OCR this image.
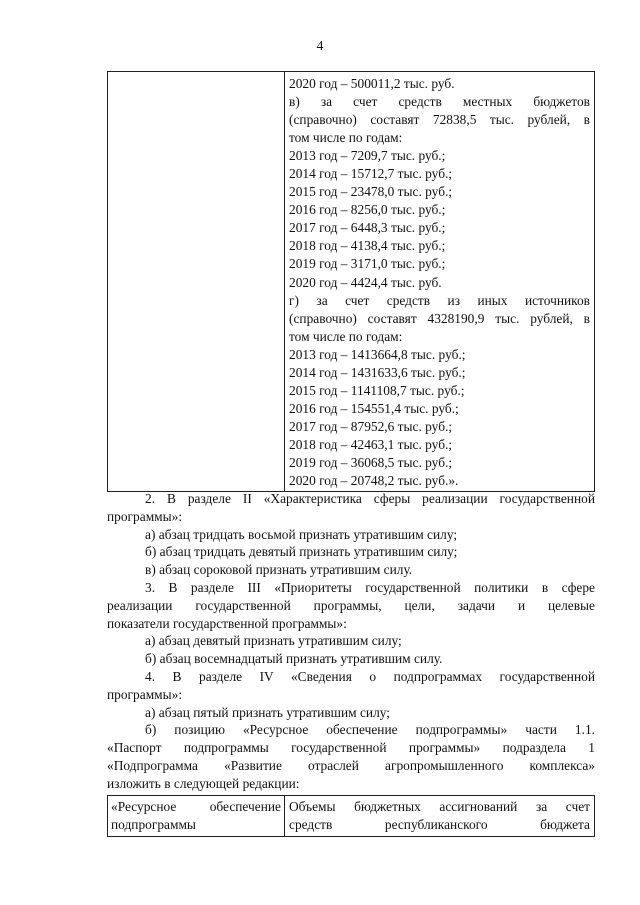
4

2020 год – 500011,2 тыс. руб.
в) за счет средств местных бюджетов
(справочно) составят 72838,5 тыс. рублей, в
том числе по годам:
2013 год – 7209,7 тыс. руб.;
2014 год – 15712,7 тыс. руб.;
2015 год – 23478,0 тыс. руб.;
2016 год – 8256,0 тыс. руб.;
2017 год – 6448,3 тыс. руб.;
2018 год – 4138,4 тыс. руб.;
2019 год – 3171,0 тыс. руб.;
2020 год – 4424,4 тыс. руб.
г) за счет средств из иных источников
(справочно) составят 4328190,9 тыс. рублей, в
том числе по годам:
2013 год – 1413664,8 тыс. руб.;
2014 год – 1431633,6 тыс. руб.;
2015 год – 1141108,7 тыс. руб.;
2016 год – 154551,4 тыс. руб.;
2017 год – 87952,6 тыс. руб.;
2018 год – 42463,1 тыс. руб.;
2019 год – 36068,5 тыс. руб.;
2020 год – 20748,2 тыс. руб.».
2. В разделе II «Характеристика сферы реализации государственной
программы»:
а) абзац тридцать восьмой признать утратившим силу;
б) абзац тридцать девятый признать утратившим силу;
в) абзац сороковой признать утратившим силу.
3. В разделе III «Приоритеты государственной политики в сфере
реализации государственной программы, цели, задачи и целевые
показатели государственной программы»:
а) абзац девятый признать утратившим силу;
б) абзац восемнадцатый признать утратившим силу.
4. В разделе IV «Сведения о подпрограммах государственной
программы»:
а) абзац пятый признать утратившим силу;
б) позицию «Ресурсное обеспечение подпрограммы» части 1.1.
«Паспорт подпрограммы государственной программы» подраздела 1
«Подпрограмма «Развитие отраслей агропромышленного комплекса»
изложить в следующей редакции:
«Ресурсное обеспечение
подпрограммы

Объемы бюджетных ассигнований за счет
средств республиканского бюджета
